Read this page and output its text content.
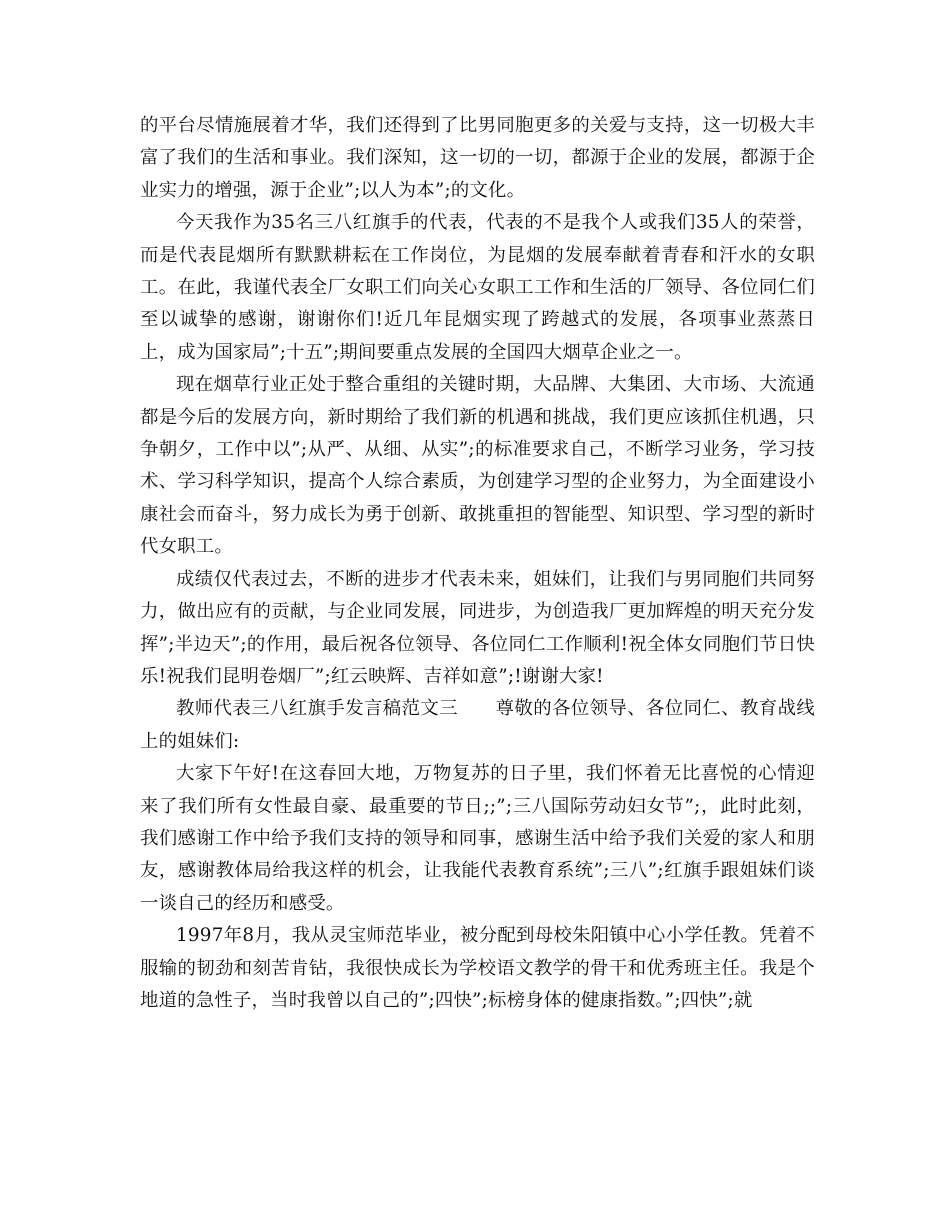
的平台尽情施展着才华，我们还得到了比男同胞更多的关爱与支持，这一切极大丰富了我们的生活和事业。我们深知，这一切的一切，都源于企业的发展，都源于企业实力的增强，源于企业”;以人为本”;的文化。

今天我作为35名三八红旗手的代表，代表的不是我个人或我们35人的荣誉，而是代表昆烟所有默默耕耘在工作岗位，为昆烟的发展奉献着青春和汗水的女职工。在此，我谨代表全厂女职工们向关心女职工工作和生活的厂领导、各位同仁们至以诚挚的感谢，谢谢你们!近几年昆烟实现了跨越式的发展，各项事业蒸蒸日上，成为国家局”;十五”;期间要重点发展的全国四大烟草企业之一。

现在烟草行业正处于整合重组的关键时期，大品牌、大集团、大市场、大流通都是今后的发展方向，新时期给了我们新的机遇和挑战，我们更应该抓住机遇，只争朝夕，工作中以”;从严、从细、从实”;的标准要求自己，不断学习业务，学习技术、学习科学知识，提高个人综合素质，为创建学习型的企业努力，为全面建设小康社会而奋斗，努力成长为勇于创新、敢挑重担的智能型、知识型、学习型的新时代女职工。

成绩仅代表过去，不断的进步才代表未来，姐妹们，让我们与男同胞们共同努力，做出应有的贡献，与企业同发展，同进步，为创造我厂更加辉煌的明天充分发挥”;半边天”;的作用，最后祝各位领导、各位同仁工作顺利!祝全体女同胞们节日快乐!祝我们昆明卷烟厂”;红云映辉、吉祥如意”;!谢谢大家!

教师代表三八红旗手发言稿范文三　　尊敬的各位领导、各位同仁、教育战线上的姐妹们:

大家下午好!在这春回大地，万物复苏的日子里，我们怀着无比喜悦的心情迎来了我们所有女性最自豪、最重要的节日;;”;三八国际劳动妇女节”;，此时此刻，我们感谢工作中给予我们支持的领导和同事，感谢生活中给予我们关爱的家人和朋友，感谢教体局给我这样的机会，让我能代表教育系统”;三八”;红旗手跟姐妹们谈一谈自己的经历和感受。

1997年8月，我从灵宝师范毕业，被分配到母校朱阳镇中心小学任教。凭着不服输的韧劲和刻苦肯钻，我很快成长为学校语文教学的骨干和优秀班主任。我是个地道的急性子，当时我曾以自己的”;四快”;标榜身体的健康指数。”;四快”;就
